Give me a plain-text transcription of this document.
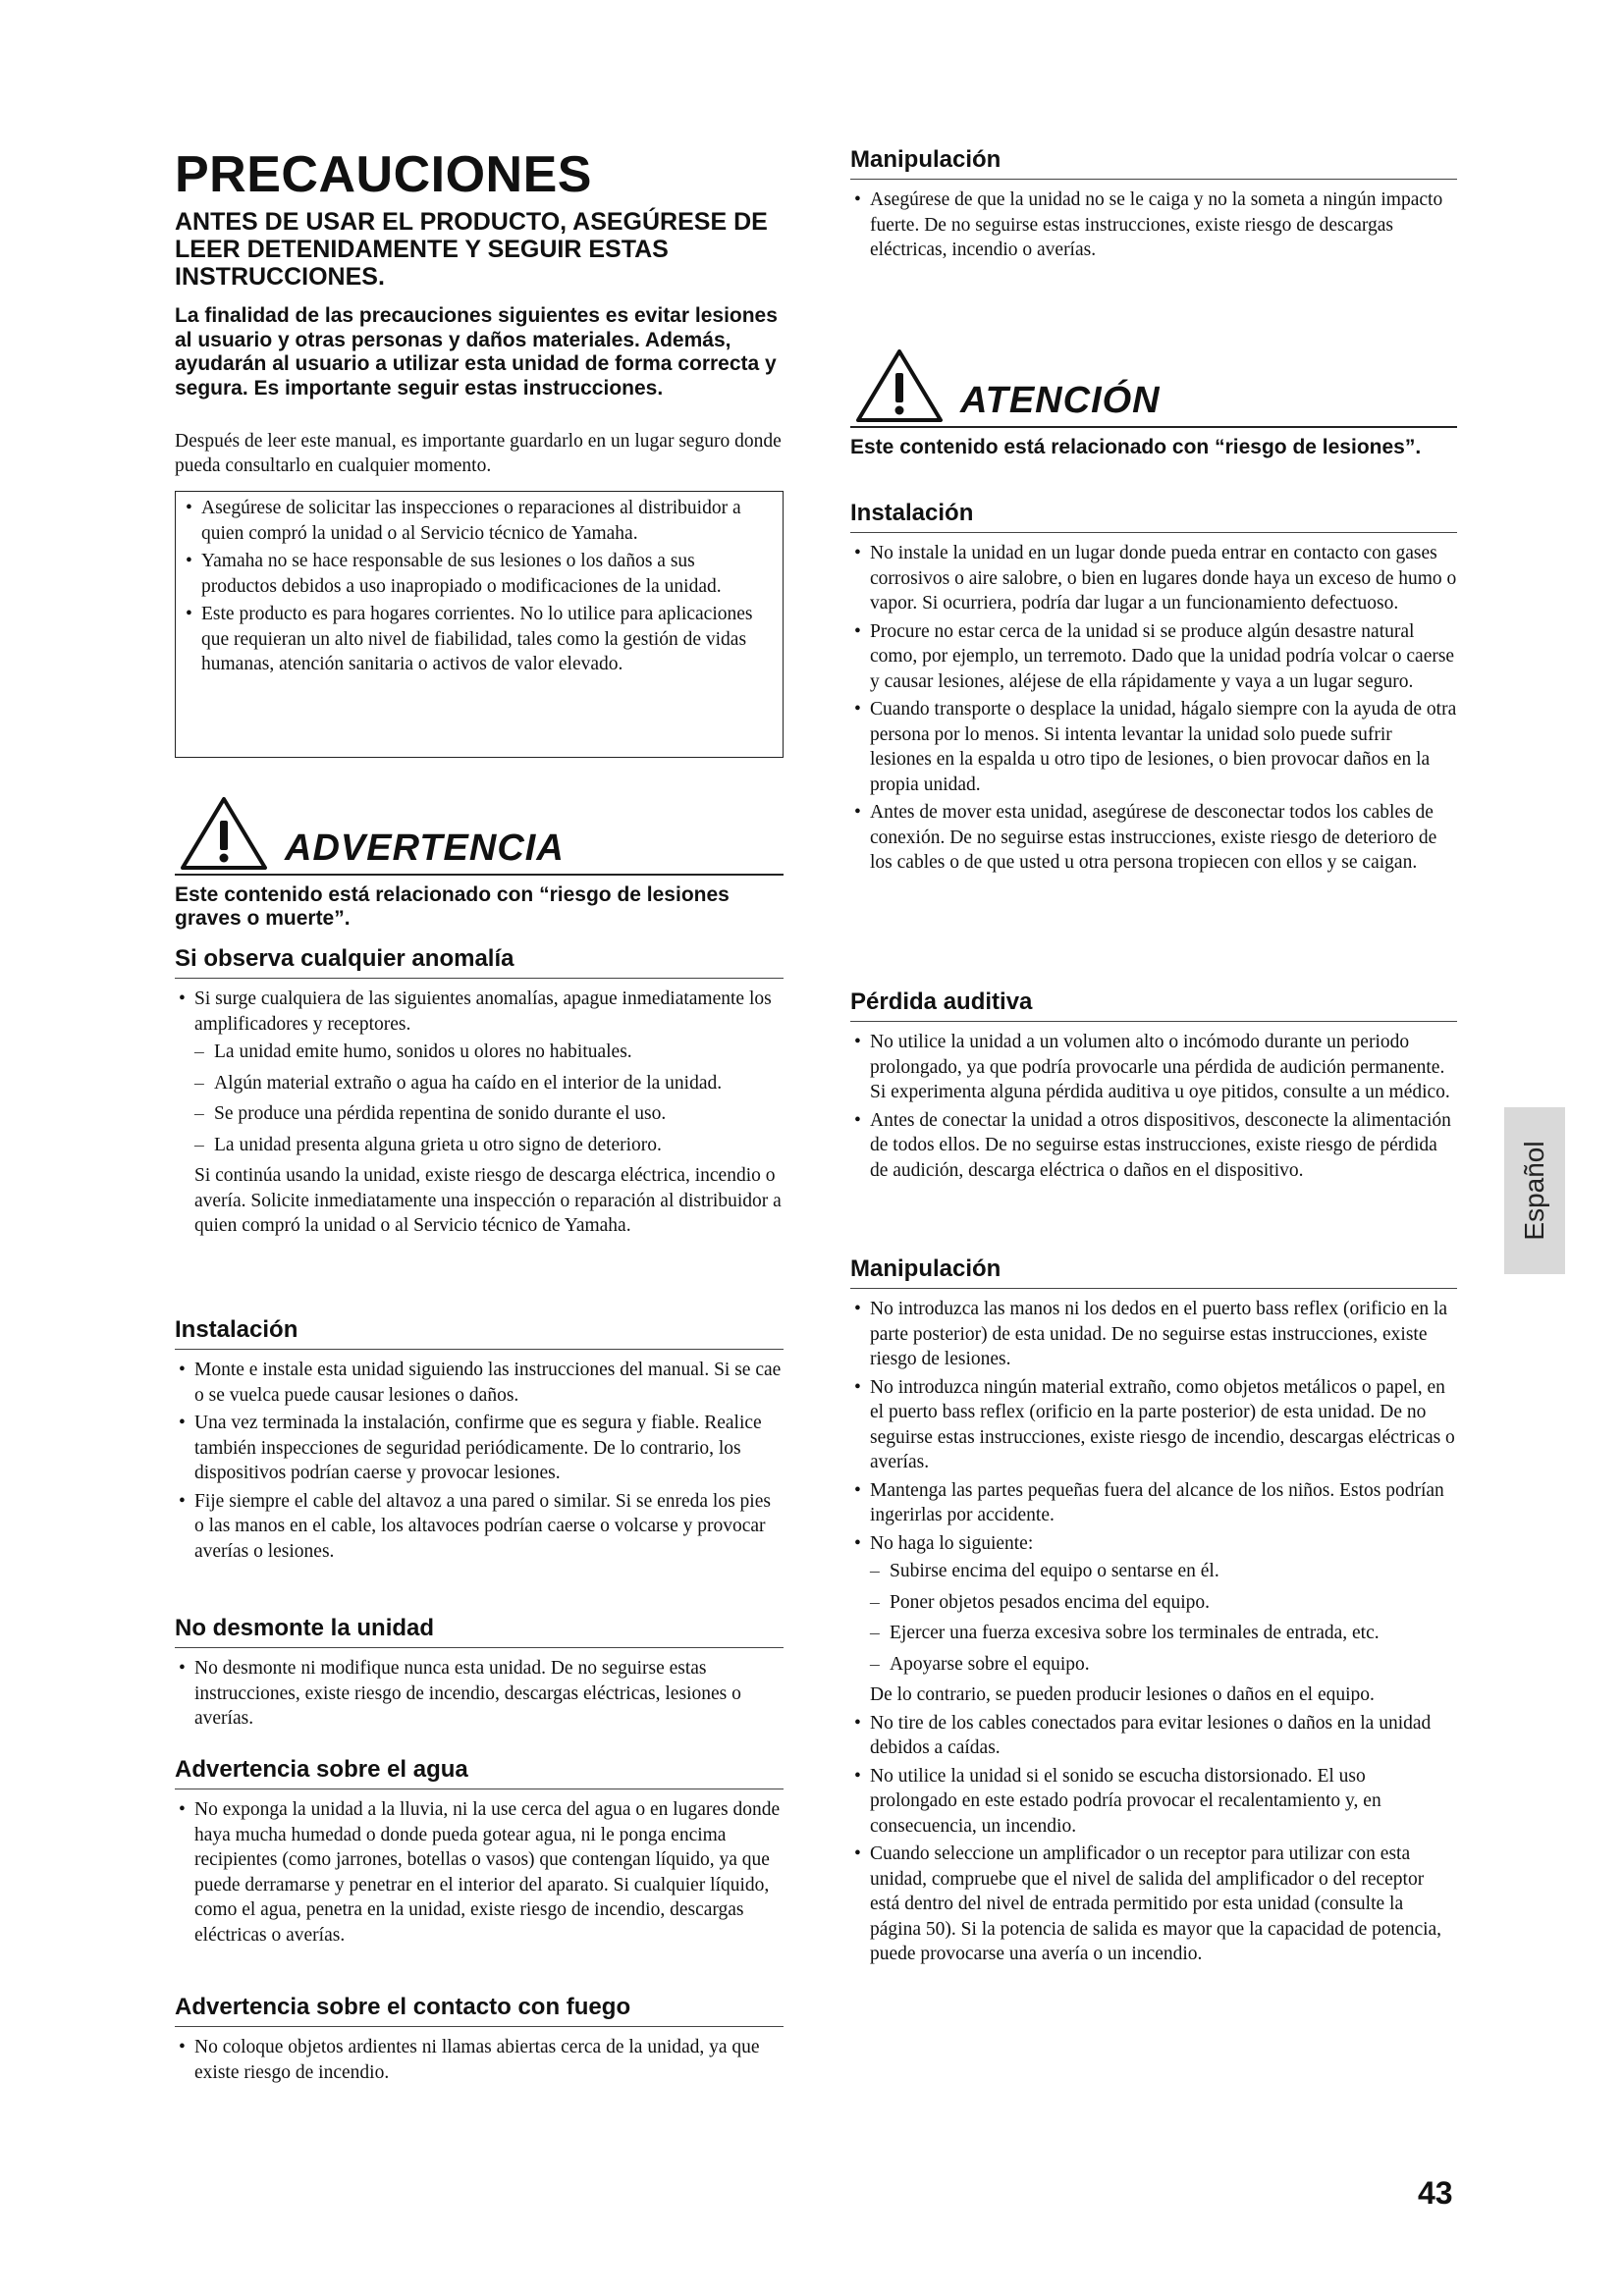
PRECAUCIONES
ANTES DE USAR EL PRODUCTO, ASEGÚRESE DE LEER DETENIDAMENTE Y SEGUIR ESTAS INSTRUCCIONES.

La finalidad de las precauciones siguientes es evitar lesiones al usuario y otras personas y daños materiales. Además, ayudarán al usuario a utilizar esta unidad de forma correcta y segura. Es importante seguir estas instrucciones.

Después de leer este manual, es importante guardarlo en un lugar seguro donde pueda consultarlo en cualquier momento.

• Asegúrese de solicitar las inspecciones o reparaciones al distribuidor a quien compró la unidad o al Servicio técnico de Yamaha.
• Yamaha no se hace responsable de sus lesiones o los daños a sus productos debidos a uso inapropiado o modificaciones de la unidad.
• Este producto es para hogares corrientes. No lo utilice para aplicaciones que requieran un alto nivel de fiabilidad, tales como la gestión de vidas humanas, atención sanitaria o activos de valor elevado.
ADVERTENCIA

Este contenido está relacionado con “riesgo de lesiones graves o muerte”.

Si observa cualquier anomalía
• Si surge cualquiera de las siguientes anomalías, apague inmediatamente los amplificadores y receptores.
– La unidad emite humo, sonidos u olores no habituales.
– Algún material extraño o agua ha caído en el interior de la unidad.
– Se produce una pérdida repentina de sonido durante el uso.
– La unidad presenta alguna grieta u otro signo de deterioro.

Si continúa usando la unidad, existe riesgo de descarga eléctrica, incendio o avería. Solicite inmediatamente una inspección o reparación al distribuidor a quien compró la unidad o al Servicio técnico de Yamaha.

Instalación
• Monte e instale esta unidad siguiendo las instrucciones del manual. Si se cae o se vuelca puede causar lesiones o daños.
• Una vez terminada la instalación, confirme que es segura y fiable. Realice también inspecciones de seguridad periódicamente. De lo contrario, los dispositivos podrían caerse y provocar lesiones.
• Fije siempre el cable del altavoz a una pared o similar. Si se enreda los pies o las manos en el cable, los altavoces podrían caerse o volcarse y provocar averías o lesiones.
No desmonte la unidad
• No desmonte ni modifique nunca esta unidad. De no seguirse estas instrucciones, existe riesgo de incendio, descargas eléctricas, lesiones o averías.
Advertencia sobre el agua
• No exponga la unidad a la lluvia, ni la use cerca del agua o en lugares donde haya mucha humedad o donde pueda gotear agua, ni le ponga encima recipientes (como jarrones, botellas o vasos) que contengan líquido, ya que puede derramarse y penetrar en el interior del aparato. Si cualquier líquido, como el agua, penetra en la unidad, existe riesgo de incendio, descargas eléctricas o averías.
Advertencia sobre el contacto con fuego
• No coloque objetos ardientes ni llamas abiertas cerca de la unidad, ya que existe riesgo de incendio.
Manipulación
• Asegúrese de que la unidad no se le caiga y no la someta a ningún impacto fuerte. De no seguirse estas instrucciones, existe riesgo de descargas eléctricas, incendio o averías.
ATENCIÓN

Este contenido está relacionado con “riesgo de lesiones”.

Instalación
• No instale la unidad en un lugar donde pueda entrar en contacto con gases corrosivos o aire salobre, o bien en lugares donde haya un exceso de humo o vapor. Si ocurriera, podría dar lugar a un funcionamiento defectuoso.
• Procure no estar cerca de la unidad si se produce algún desastre natural como, por ejemplo, un terremoto. Dado que la unidad podría volcar o caerse y causar lesiones, aléjese de ella rápidamente y vaya a un lugar seguro.
• Cuando transporte o desplace la unidad, hágalo siempre con la ayuda de otra persona por lo menos. Si intenta levantar la unidad solo puede sufrir lesiones en la espalda u otro tipo de lesiones, o bien provocar daños en la propia unidad.
• Antes de mover esta unidad, asegúrese de desconectar todos los cables de conexión. De no seguirse estas instrucciones, existe riesgo de deterioro de los cables o de que usted u otra persona tropiecen con ellos y se caigan.
Pérdida auditiva
• No utilice la unidad a un volumen alto o incómodo durante un periodo prolongado, ya que podría provocarle una pérdida de audición permanente. Si experimenta alguna pérdida auditiva u oye pitidos, consulte a un médico.
• Antes de conectar la unidad a otros dispositivos, desconecte la alimentación de todos ellos. De no seguirse estas instrucciones, existe riesgo de pérdida de audición, descarga eléctrica o daños en el dispositivo.
Manipulación
• No introduzca las manos ni los dedos en el puerto bass reflex (orificio en la parte posterior) de esta unidad. De no seguirse estas instrucciones, existe riesgo de lesiones.
• No introduzca ningún material extraño, como objetos metálicos o papel, en el puerto bass reflex (orificio en la parte posterior) de esta unidad. De no seguirse estas instrucciones, existe riesgo de incendio, descargas eléctricas o averías.
• Mantenga las partes pequeñas fuera del alcance de los niños. Estos podrían ingerirlas por accidente.
• No haga lo siguiente:
– Subirse encima del equipo o sentarse en él.
– Poner objetos pesados encima del equipo.
– Ejercer una fuerza excesiva sobre los terminales de entrada, etc.
– Apoyarse sobre el equipo.

De lo contrario, se pueden producir lesiones o daños en el equipo.

• No tire de los cables conectados para evitar lesiones o daños en la unidad debidos a caídas.
• No utilice la unidad si el sonido se escucha distorsionado. El uso prolongado en este estado podría provocar el recalentamiento y, en consecuencia, un incendio.
• Cuando seleccione un amplificador o un receptor para utilizar con esta unidad, compruebe que el nivel de salida del amplificador o del receptor está dentro del nivel de entrada permitido por esta unidad (consulte la página 50). Si la potencia de salida es mayor que la capacidad de potencia, puede provocarse una avería o un incendio.
Español
43
